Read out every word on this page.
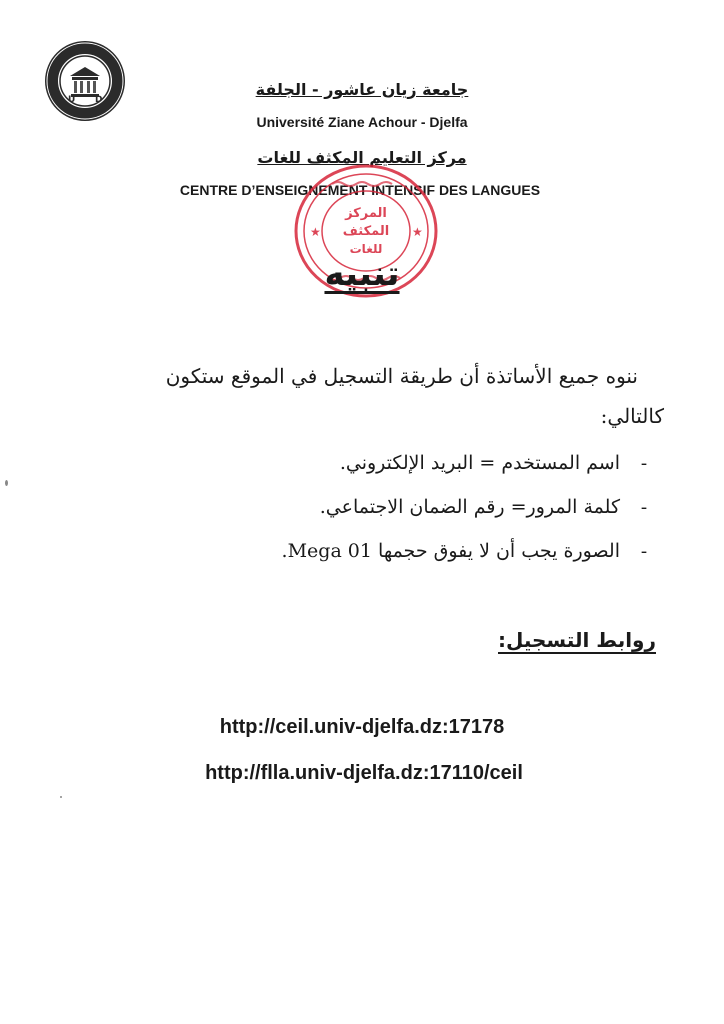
U D
جامعة زيان عاشور - الجلفة
Université Ziane Achour - Djelfa
مركز التعليم المكثف للغات
CENTRE D’ENSEIGNEMENT INTENSIF DES LANGUES
★	★
المركز
المكثف
للغات
تنبيه
ننوه جميع الأساتذة أن طريقة التسجيل في الموقع ستكون
كالتالي:
-
اسم المستخدم = البريد الإلكتروني.
-
كلمة المرور= رقم الضمان الاجتماعي.
-
الصورة يجب أن لا يفوق حجمها Mega 01.
روابط التسجيل:
http://ceil.univ-djelfa.dz:17178
http://flla.univ-djelfa.dz:17110/ceil
